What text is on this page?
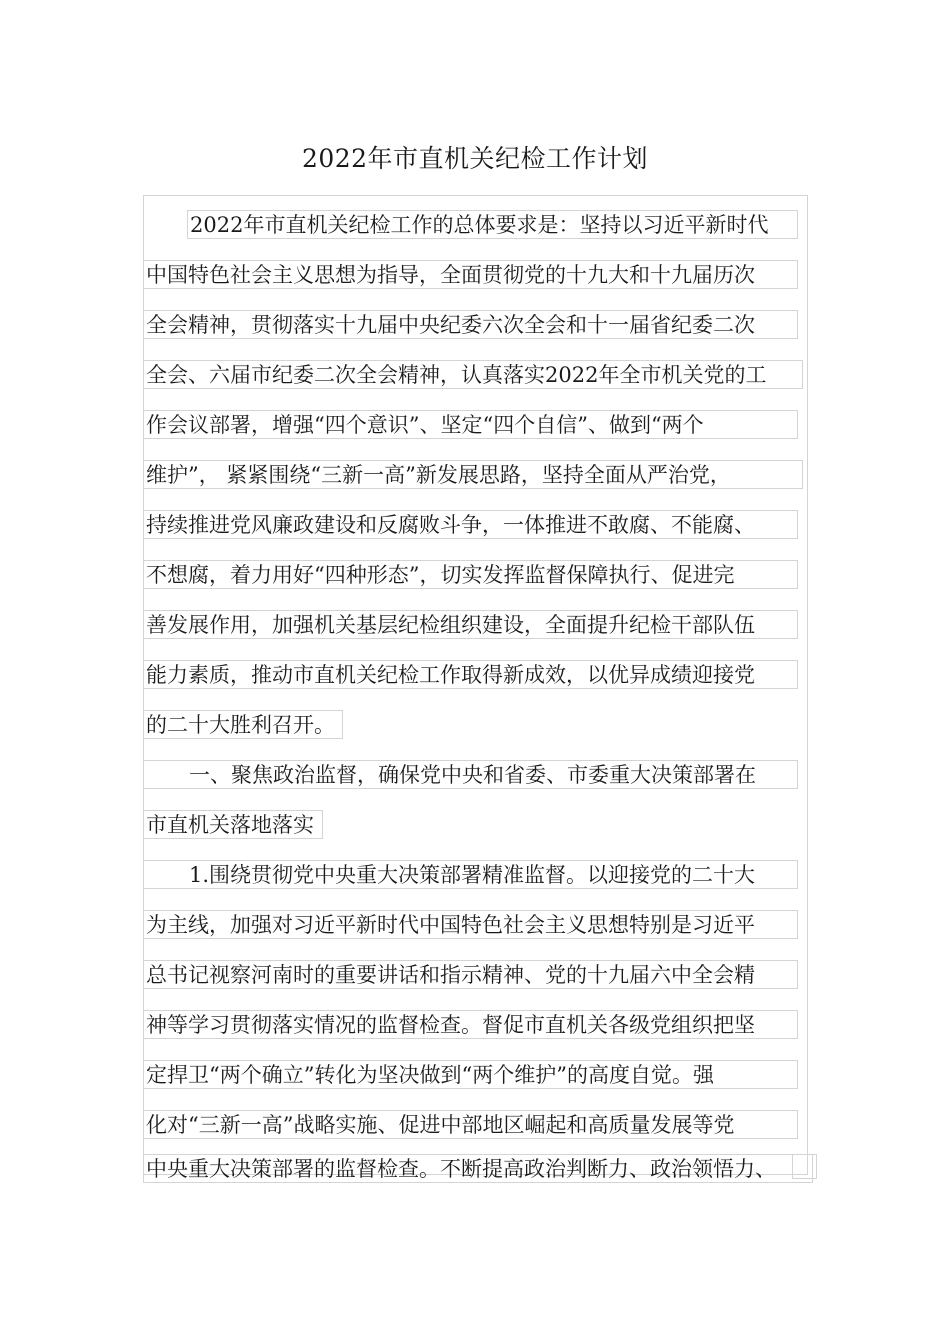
2022年市直机关纪检工作计划
2022年市直机关纪检工作的总体要求是：坚持以习近平新时代
中国特色社会主义思想为指导，全面贯彻党的十九大和十九届历次
全会精神，贯彻落实十九届中央纪委六次全会和十一届省纪委二次
全会、六届市纪委二次全会精神，认真落实2022年全市机关党的工
作会议部署，增强“四个意识”、坚定“四个自信”、做到“两个
维护”， 紧紧围绕“三新一高”新发展思路，坚持全面从严治党，
持续推进党风廉政建设和反腐败斗争，一体推进不敢腐、不能腐、
不想腐，着力用好“四种形态”，切实发挥监督保障执行、促进完
善发展作用，加强机关基层纪检组织建设，全面提升纪检干部队伍
能力素质，推动市直机关纪检工作取得新成效，以优异成绩迎接党
的二十大胜利召开。
一、聚焦政治监督，确保党中央和省委、市委重大决策部署在
市直机关落地落实
1.围绕贯彻党中央重大决策部署精准监督。以迎接党的二十大
为主线，加强对习近平新时代中国特色社会主义思想特别是习近平
总书记视察河南时的重要讲话和指示精神、党的十九届六中全会精
神等学习贯彻落实情况的监督检查。督促市直机关各级党组织把坚
定捍卫“两个确立”转化为坚决做到“两个维护”的高度自觉。强
化对“三新一高”战略实施、促进中部地区崛起和高质量发展等党
中央重大决策部署的监督检查。不断提高政治判断力、政治领悟力、
